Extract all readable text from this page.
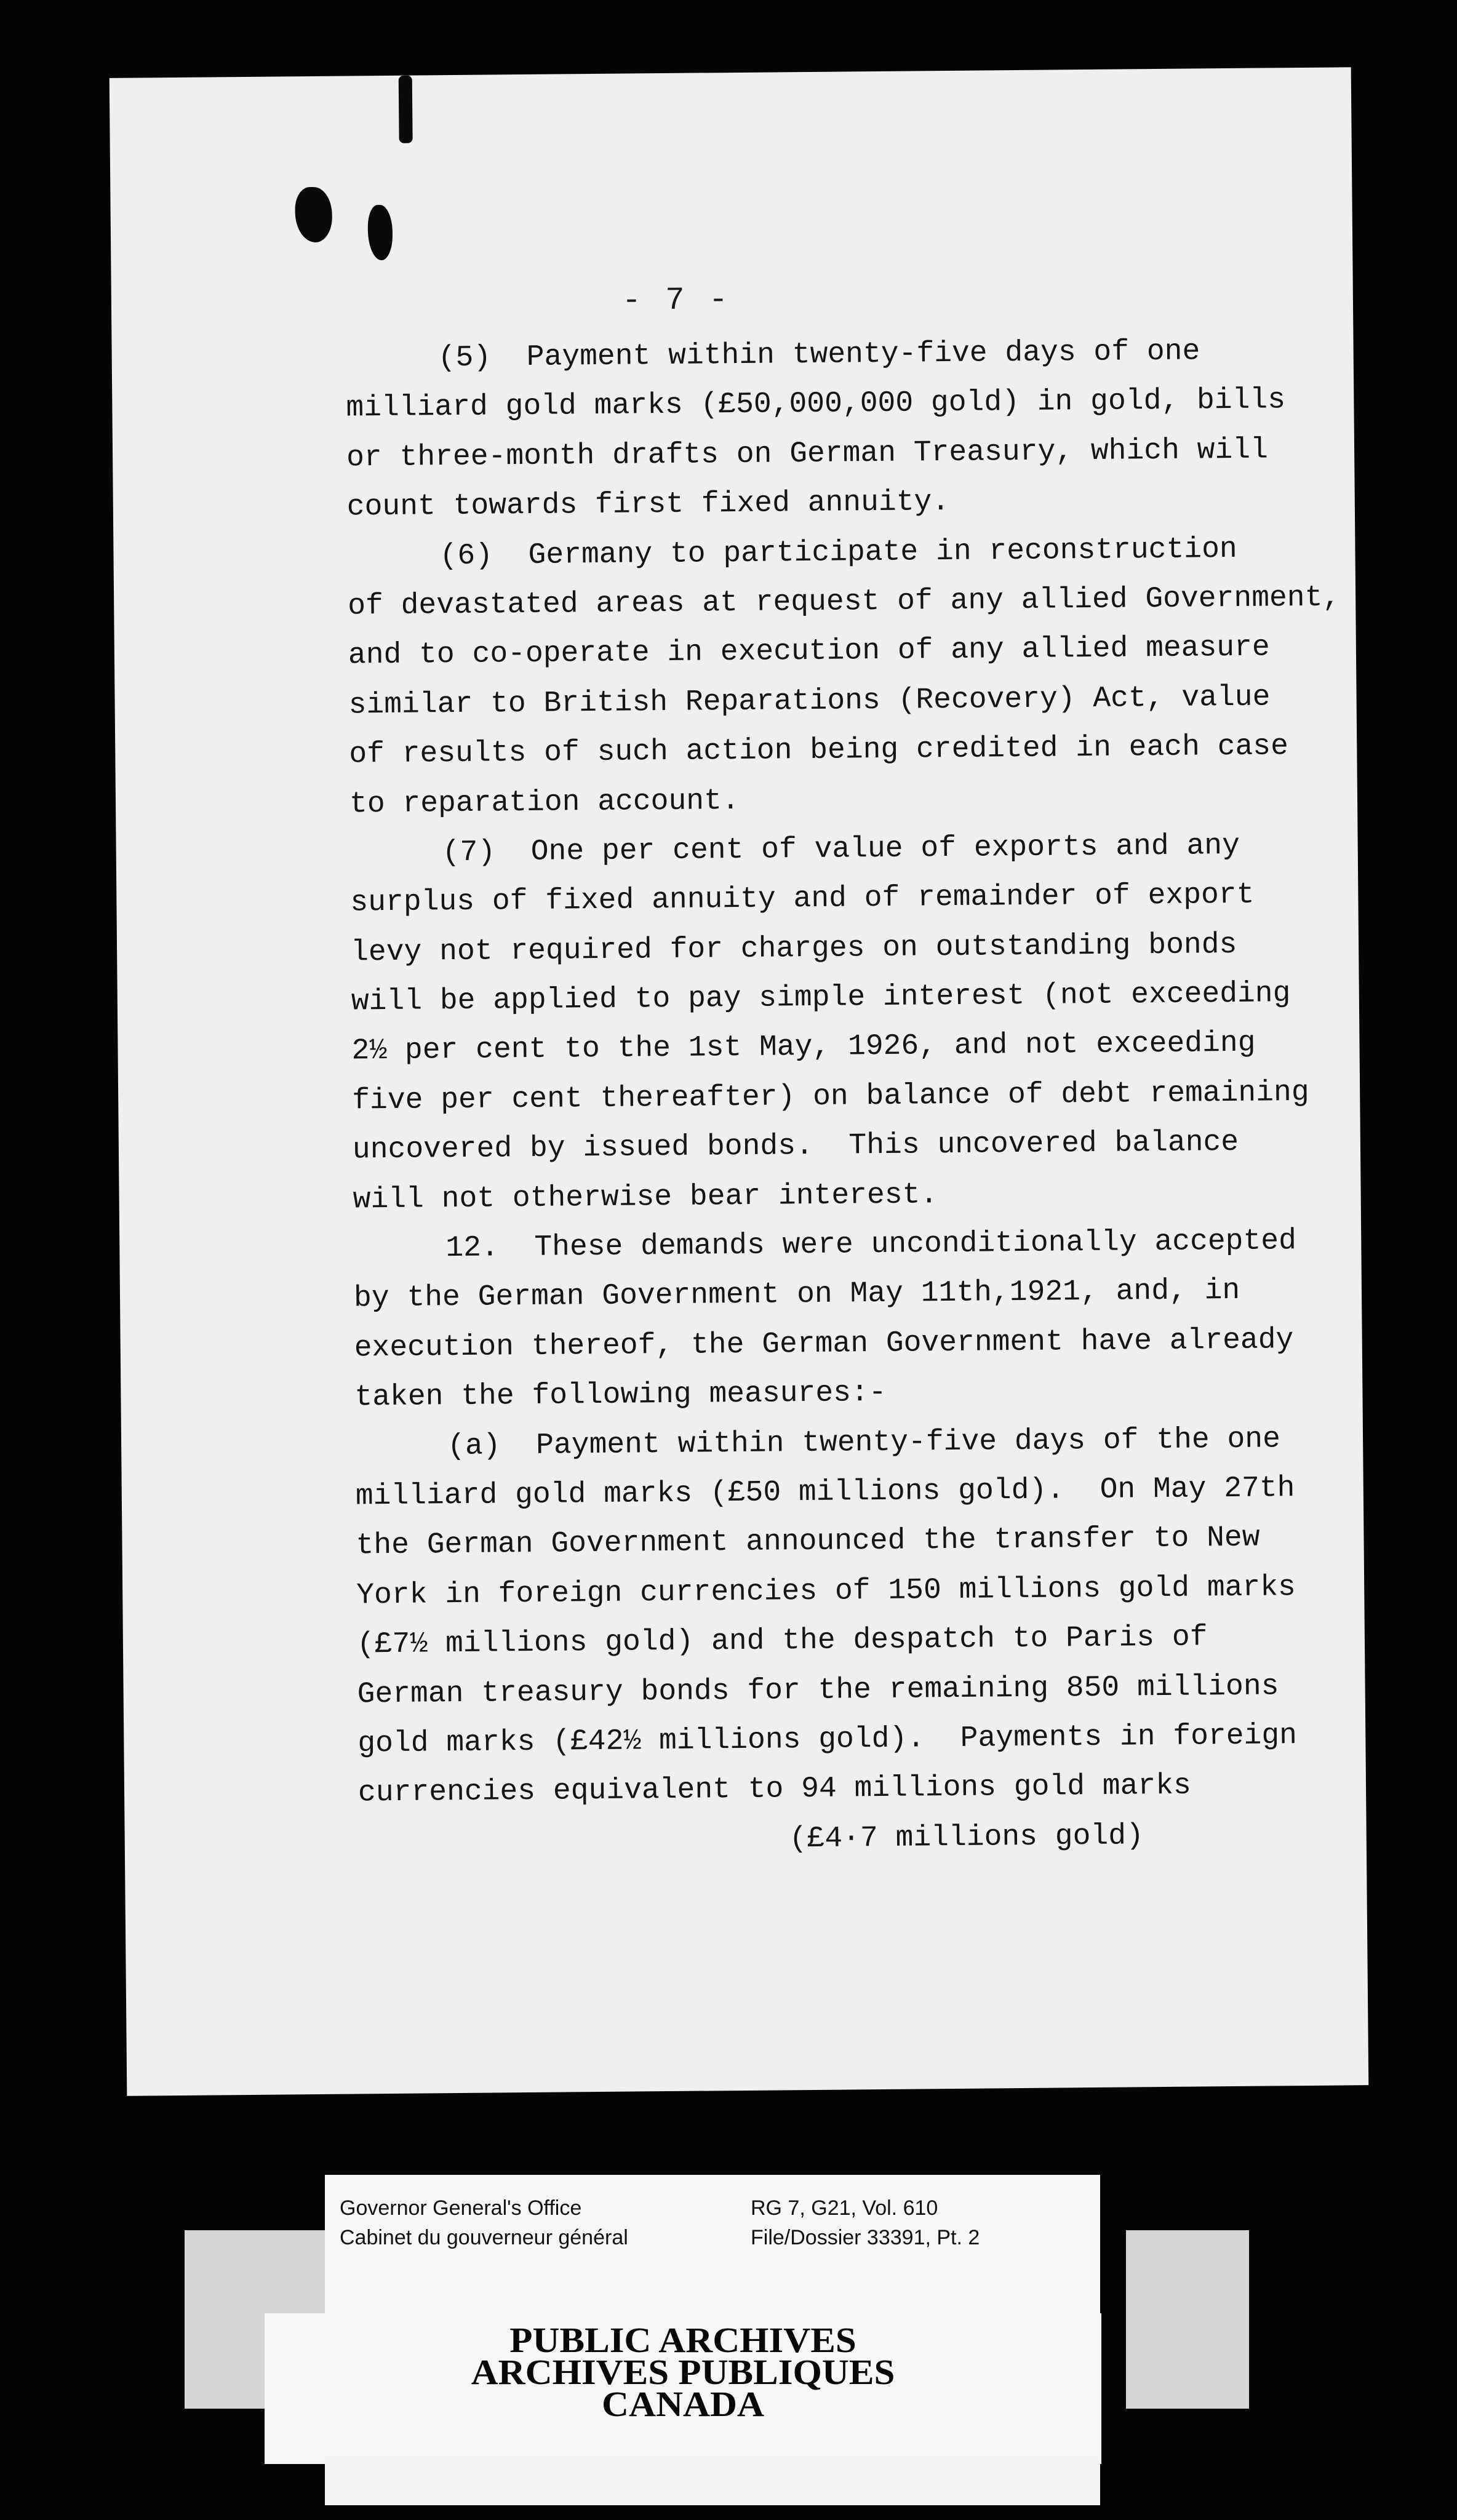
- 7 -
(5)  Payment within twenty-five days of one
milliard gold marks (£50,000,000 gold) in gold, bills
or three-month drafts on German Treasury, which will
count towards first fixed annuity.
(6)  Germany to participate in reconstruction
of devastated areas at request of any allied Government,
and to co-operate in execution of any allied measure
similar to British Reparations (Recovery) Act, value
of results of such action being credited in each case
to reparation account.
(7)  One per cent of value of exports and any
surplus of fixed annuity and of remainder of export
levy not required for charges on outstanding bonds
will be applied to pay simple interest (not exceeding
2½ per cent to the 1st May, 1926, and not exceeding
five per cent thereafter) on balance of debt remaining
uncovered by issued bonds.  This uncovered balance
will not otherwise bear interest.
12.  These demands were unconditionally accepted
by the German Government on May 11th,1921, and, in
execution thereof, the German Government have already
taken the following measures:-
(a)  Payment within twenty-five days of the one
milliard gold marks (£50 millions gold).  On May 27th
the German Government announced the transfer to New
York in foreign currencies of 150 millions gold marks
(£7½ millions gold) and the despatch to Paris of
German treasury bonds for the remaining 850 millions
gold marks (£42½ millions gold).  Payments in foreign
currencies equivalent to 94 millions gold marks
(£4·7 millions gold)
Governor General's Office
Cabinet du gouverneur général
RG 7, G21, Vol. 610
File/Dossier 33391, Pt. 2
PUBLIC ARCHIVES
ARCHIVES PUBLIQUES
CANADA
